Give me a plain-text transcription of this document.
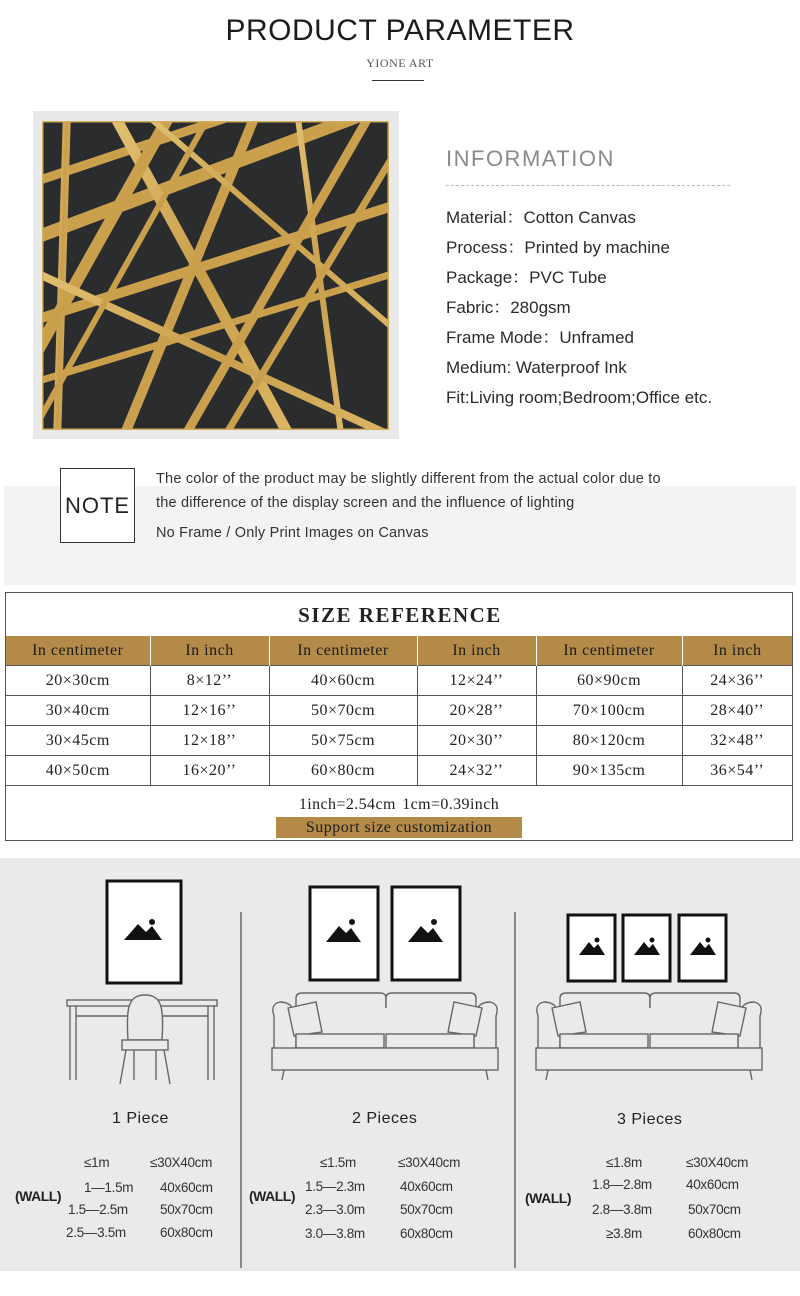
PRODUCT PARAMETER
YIONE ART
INFORMATION
Material：Cotton Canvas
Process：Printed by machine
Package：PVC Tube
Fabric：280gsm
Frame Mode：Unframed
Medium: Waterproof Ink
Fit:Living room;Bedroom;Office etc.
NOTE
The color of the product may be slightly different from the actual color due to
the difference of the display screen and the influence of lighting
No Frame / Only Print Images on Canvas
SIZE REFERENCE
In centimeter	In inch	In centimeter	In inch	In centimeter	In inch
20×30cm	8×12’’	40×60cm	12×24’’	60×90cm	24×36’’
30×40cm	12×16’’	50×70cm	20×28’’	70×100cm	28×40’’
30×45cm	12×18’’	50×75cm	20×30’’	80×120cm	32×48’’
40×50cm	16×20’’	60×80cm	24×32’’	90×135cm	36×54’’
1inch=2.54cm 1cm=0.39inch
Support size customization
1 Piece	2 Pieces	3 Pieces
(WALL)	(WALL)	(WALL)
≤1m	≤30X40cm
1—1.5m 40x60cm
1.5—2.5m 50x70cm
2.5—3.5m	60x80cm
≤1.5m	≤30X40cm
1.5—2.3m	40x60cm
2.3—3.0m	50x70cm
3.0—3.8m	60x80cm
≤1.8m	≤30X40cm
1.8—2.8m	40x60cm
2.8—3.8m	50x70cm
≥3.8m	60x80cm
